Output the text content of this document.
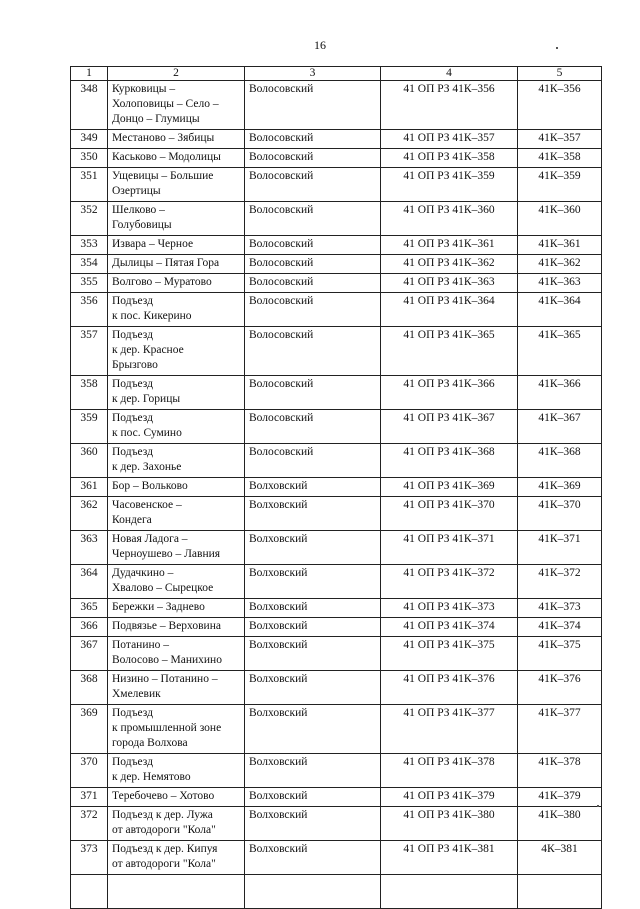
16
1	2	3	4	5
348	Курковицы –
Холоповицы – Село –
Донцо – Глумицы	Волосовский	41 ОП РЗ 41К–356	41К–356
349	Местаново – Зябицы	Волосовский	41 ОП РЗ 41К–357	41К–357
350	Каськово – Модолицы	Волосовский	41 ОП РЗ 41К–358	41К–358
351	Ущевицы – Большие
Озертицы	Волосовский	41 ОП РЗ 41К–359	41К–359
352	Шелково –
Голубовицы	Волосовский	41 ОП РЗ 41К–360	41К–360
353	Извара – Черное	Волосовский	41 ОП РЗ 41К–361	41К–361
354	Дылицы – Пятая Гора	Волосовский	41 ОП РЗ 41К–362	41К–362
355	Волгово – Муратово	Волосовский	41 ОП РЗ 41К–363	41К–363
356	Подъезд
к пос. Кикерино	Волосовский	41 ОП РЗ 41К–364	41К–364
357	Подъезд
к дер. Красное
Брызгово	Волосовский	41 ОП РЗ 41К–365	41К–365
358	Подъезд
к дер. Горицы	Волосовский	41 ОП РЗ 41К–366	41К–366
359	Подъезд
к пос. Сумино	Волосовский	41 ОП РЗ 41К–367	41К–367
360	Подъезд
к дер. Захонье	Волосовский	41 ОП РЗ 41К–368	41К–368
361	Бор – Вольково	Волховский	41 ОП РЗ 41К–369	41К–369
362	Часовенское –
Кондега	Волховский	41 ОП РЗ 41К–370	41К–370
363	Новая Ладога –
Черноушево – Лавния	Волховский	41 ОП РЗ 41К–371	41К–371
364	Дудачкино –
Хвалово – Сырецкое	Волховский	41 ОП РЗ 41К–372	41К–372
365	Бережки – Заднево	Волховский	41 ОП РЗ 41К–373	41К–373
366	Подвязье – Верховина	Волховский	41 ОП РЗ 41К–374	41К–374
367	Потанино –
Волосово – Манихино	Волховский	41 ОП РЗ 41К–375	41К–375
368	Низино – Потанино –
Хмелевик	Волховский	41 ОП РЗ 41К–376	41К–376
369	Подъезд
к промышленной зоне
города Волхова	Волховский	41 ОП РЗ 41К–377	41К–377
370	Подъезд
к дер. Немятово	Волховский	41 ОП РЗ 41К–378	41К–378
371	Теребочево – Хотово	Волховский	41 ОП РЗ 41К–379	41К–379
372	Подъезд к дер. Лужа
от автодороги "Кола"	Волховский	41 ОП РЗ 41К–380	41К–380
373	Подъезд к дер. Кипуя
от автодороги "Кола"	Волховский	41 ОП РЗ 41К–381	4К–381
